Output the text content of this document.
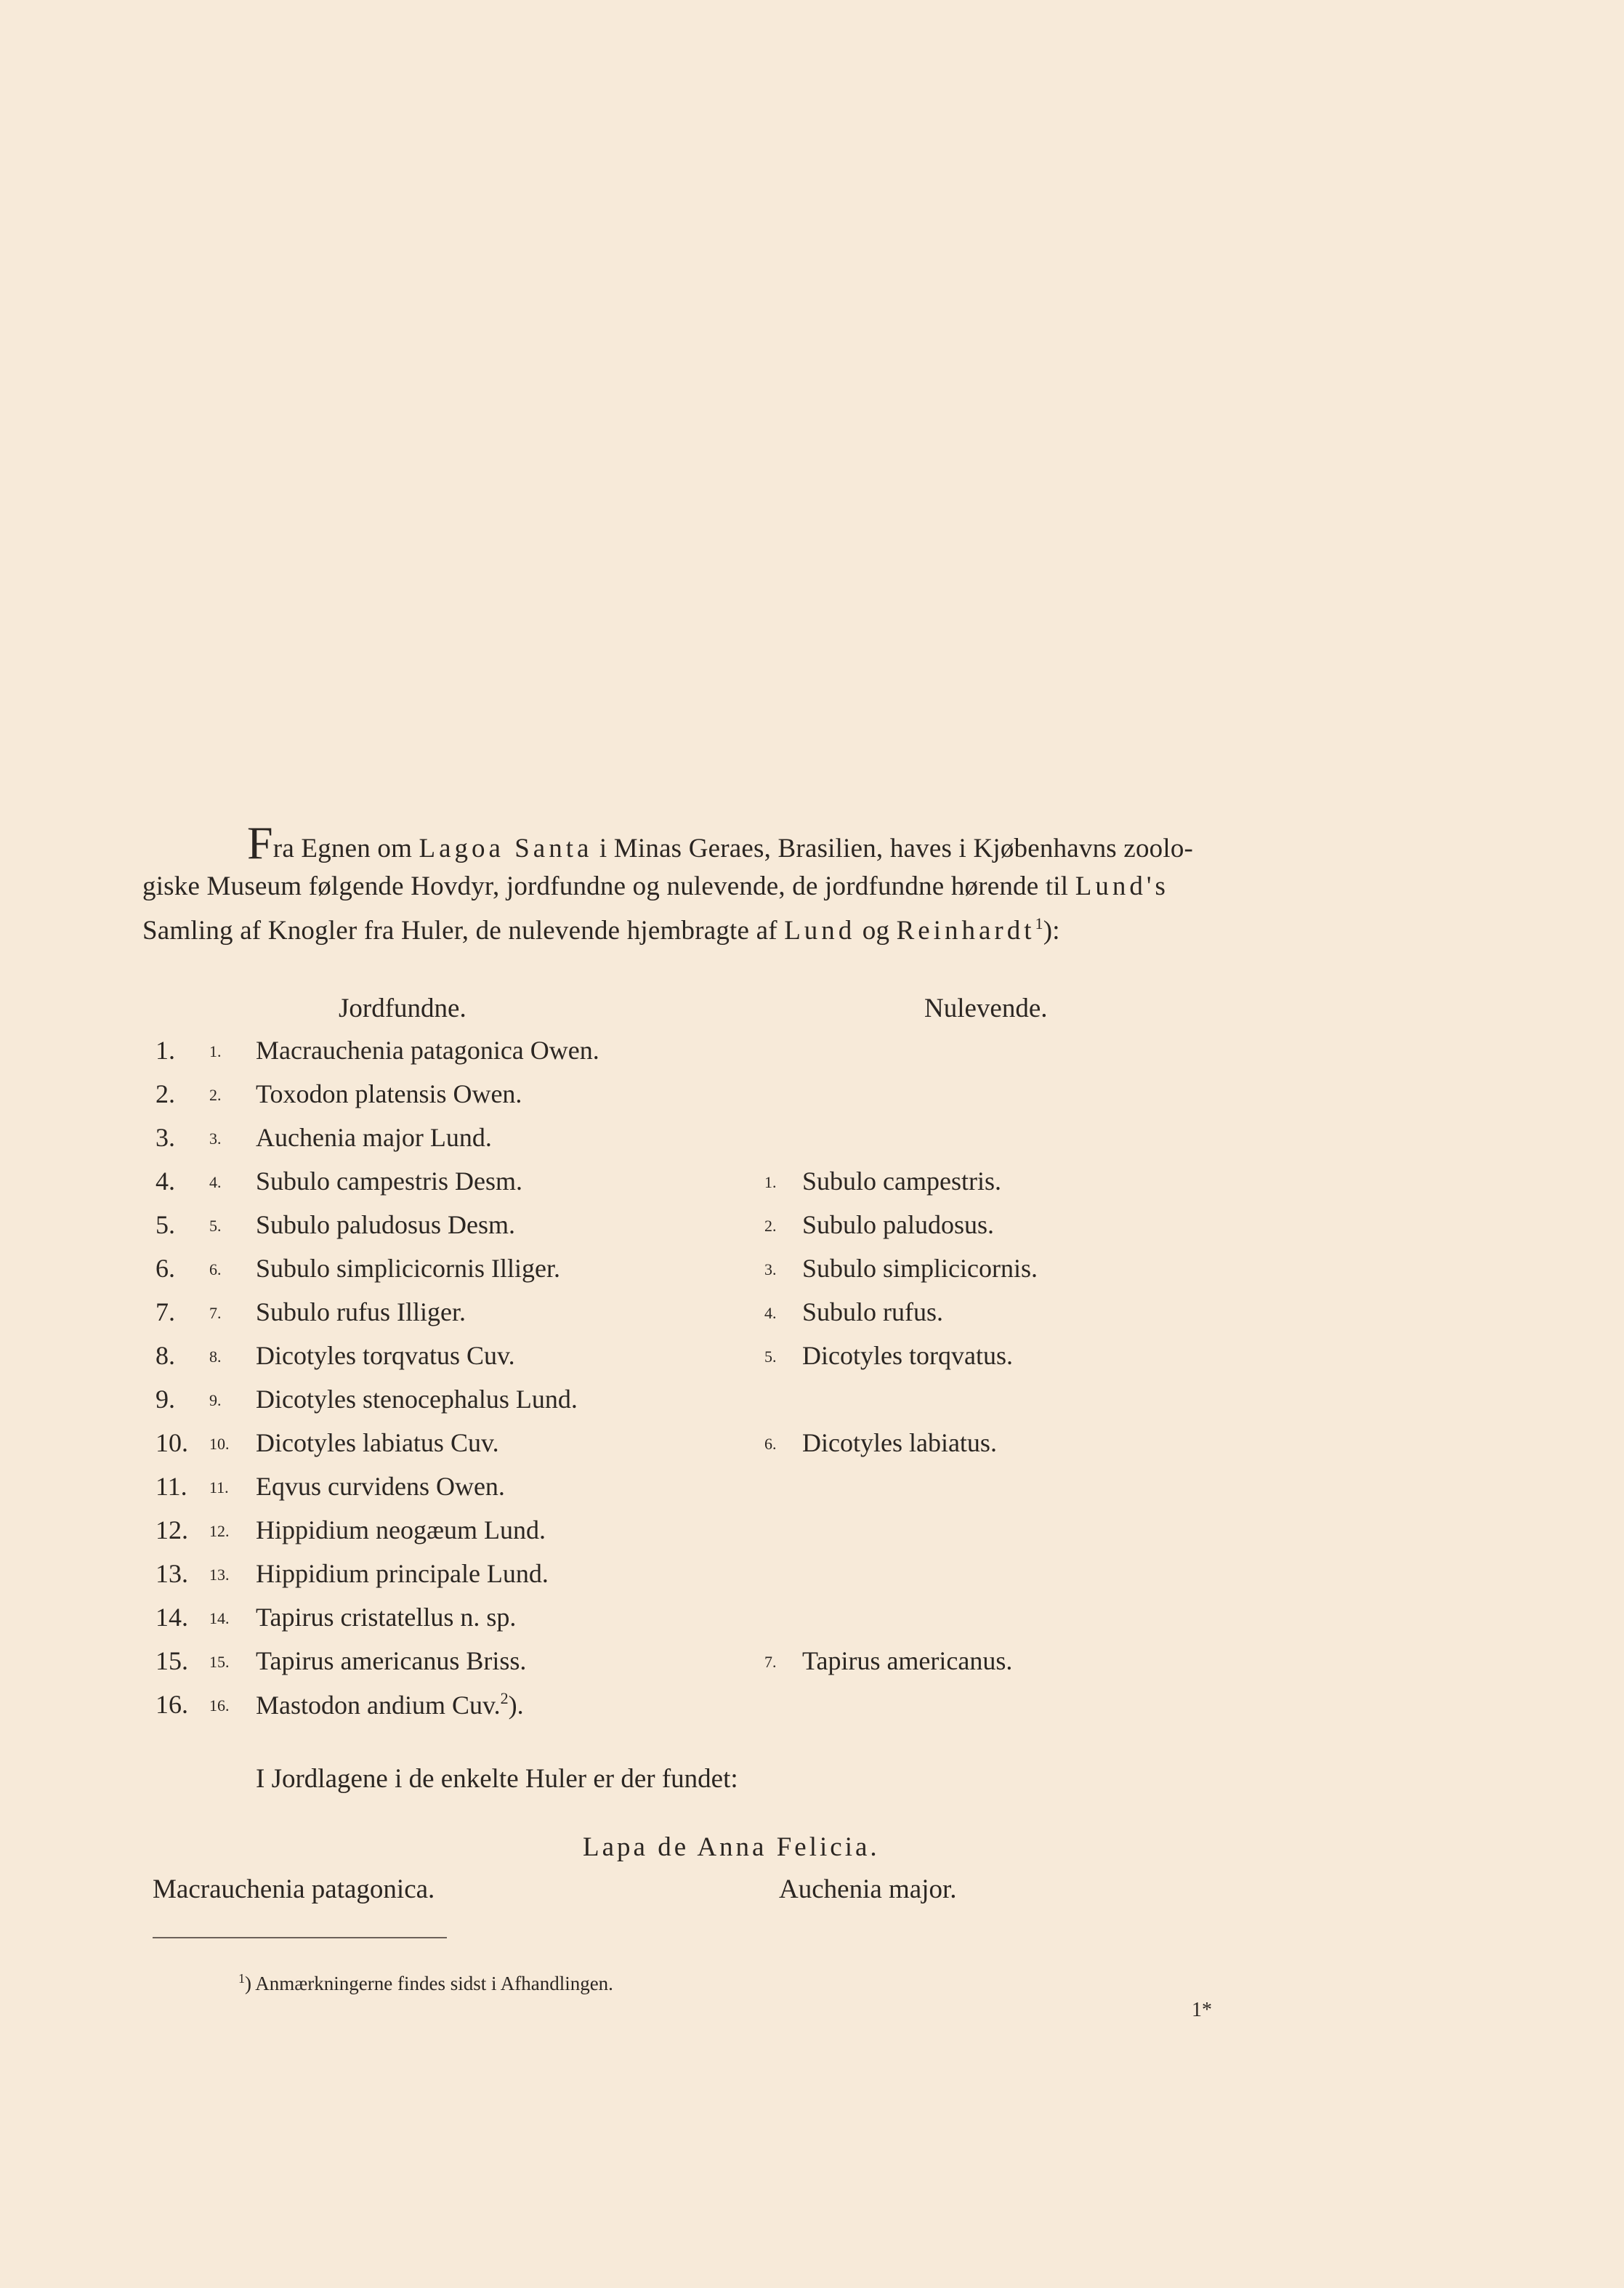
Fra Egnen om Lagoa Santa i Minas Geraes, Brasilien, haves i Kjøbenhavns zoolo-
giske Museum følgende Hovdyr, jordfundne og nulevende, de jordfundne hørende til Lund's
Samling af Knogler fra Huler, de nulevende hjembragte af Lund og Reinhardt$^1$):
Jordfundne.	Nulevende.
1. 1. Macrauchenia patagonica Owen.
2. 2. Toxodon platensis Owen.
3. 3. Auchenia major Lund.
4. 4. Subulo campestris Desm.	1. Subulo campestris.
5. 5. Subulo paludosus Desm.	2. Subulo paludosus.
6. 6. Subulo simplicicornis Illiger.	3. Subulo simplicicornis.
7. 7. Subulo rufus Illiger.	4. Subulo rufus.
8. 8. Dicotyles torqvatus Cuv.	5. Dicotyles torqvatus.
9. 9. Dicotyles stenocephalus Lund.
10. 10. Dicotyles labiatus Cuv.	6. Dicotyles labiatus.
11. 11. Eqvus curvidens Owen.
12. 12. Hippidium neogæum Lund.
13. 13. Hippidium principale Lund.
14. 14. Tapirus cristatellus n. sp.
15. 15. Tapirus americanus Briss.	7. Tapirus americanus.
16. 16. Mastodon andium Cuv.$^2$).
I Jordlagene i de enkelte Huler er der fundet:
Lapa de Anna Felicia.
Macrauchenia patagonica.	Auchenia major.
$^1$) Anmærkningerne findes sidst i Afhandlingen.
1*
